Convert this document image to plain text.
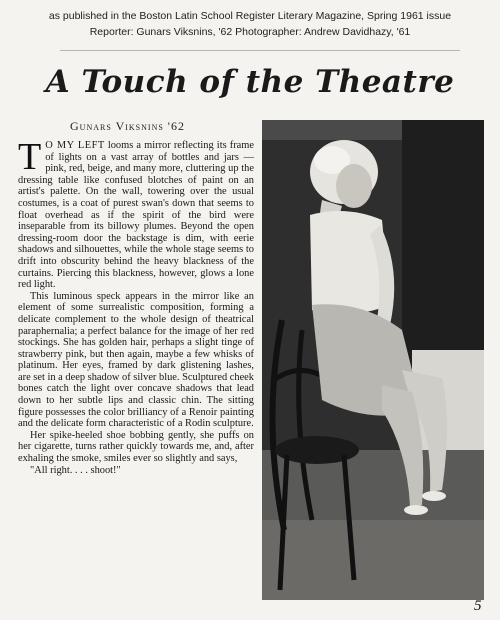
as published in the Boston Latin School Register Literary Magazine, Spring 1961 issue
Reporter: Gunars Viksnins, '62 Photographer: Andrew Davidhazy, '61
A Touch of the Theatre
Gunars Viksnins '62

T O MY LEFT looms a mirror reflecting its frame of lights on a vast array of bottles and jars — pink, red, beige, and many more, cluttering up the dressing table like confused blotches of paint on an artist's palette. On the wall, towering over the usual costumes, is a coat of purest swan's down that seems to float overhead as if the spirit of the bird were inseparable from its billowy plumes. Beyond the open dressing-room door the backstage is dim, with eerie shadows and silhouettes, while the whole stage seems to drift into obscurity behind the heavy blackness of the curtains. Piercing this blackness, however, glows a lone red light.

This luminous speck appears in the mirror like an element of some surrealistic composition, forming a delicate complement to the whole design of theatrical paraphernalia; a perfect balance for the image of her red stockings. She has golden hair, perhaps a slight tinge of strawberry pink, but then again, maybe a few whisks of platinum. Her eyes, framed by dark glistening lashes, are set in a deep shadow of silver blue. Sculptured cheek bones catch the light over concave shadows that lead down to her subtle lips and classic chin. The sitting figure possesses the color brilliancy of a Renoir painting and the delicate form characteristic of a Rodin sculpture.

Her spike-heeled shoe bobbing gently, she puffs on her cigarette, turns rather quickly towards me, and, after exhaling the smoke, smiles ever so slightly and says,

"All right. . . . shoot!"

5
